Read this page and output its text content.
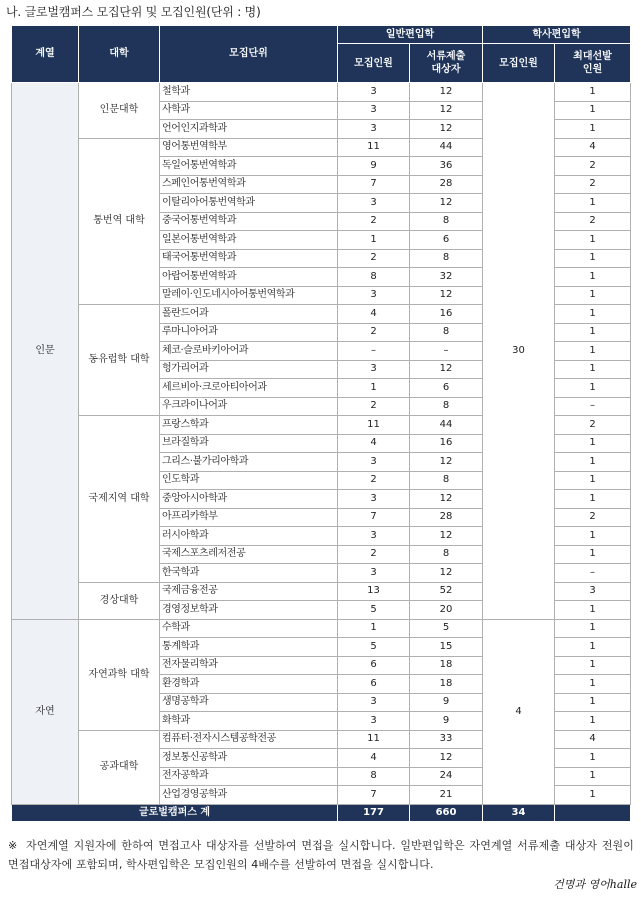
나. 글로벌캠퍼스 모집단위 및 모집인원(단위 : 명)
계열	대학	모집단위	일반편입학		학사편입학	
			모집인원	서류제출 대상자	모집인원	최대선발 인원
인문	인문대학	철학과	3	12	30	1
		사학과	3	12		1
		언어인지과학과	3	12		1
	통번역 대학	영어통번역학부	11	44		4
		독일어통번역학과	9	36		2
		스페인어통번역학과	7	28		2
		이탈리아어통번역학과	3	12		1
		중국어통번역학과	2	8		2
		일본어통번역학과	1	6		1
		태국어통번역학과	2	8		1
		아랍어통번역학과	8	32		1
		말레이·인도네시아어통번역학과	3	12		1
	동유럽학 대학	폴란드어과	4	16		1
		루마니아어과	2	8		1
		체코·슬로바키아어과	–	–		1
		헝가리어과	3	12		1
		세르비아·크로아티아어과	1	6		1
		우크라이나어과	2	8		–
	국제지역 대학	프랑스학과	11	44		2
		브라질학과	4	16		1
		그리스·불가리아학과	3	12		1
		인도학과	2	8		1
		중앙아시아학과	3	12		1
		아프리카학부	7	28		2
		러시아학과	3	12		1
		국제스포츠레저전공	2	8		1
		한국학과	3	12		–
	경상대학	국제금융전공	13	52		3
		경영정보학과	5	20		1
자연	자연과학 대학	수학과	1	5	4	1
		통계학과	5	15		1
		전자물리학과	6	18		1
		환경학과	6	18		1
		생명공학과	3	9		1
		화학과	3	9		1
	공과대학	컴퓨터·전자시스템공학전공	11	33		4
		정보통신공학과	4	12		1
		전자공학과	8	24		1
		산업경영공학과	7	21		1
글로벌캠퍼스 계			177	660	34	
※ 자연계열 지원자에 한하여 면접고사 대상자를 선발하여 면접을 실시합니다. 일반편입학은 자연계열 서류제출 대상자 전원이 면접대상자에 포함되며, 학사편입학은 모집인원의 4배수를 선발하여 면접을 실시합니다.
건명과 영어halle
